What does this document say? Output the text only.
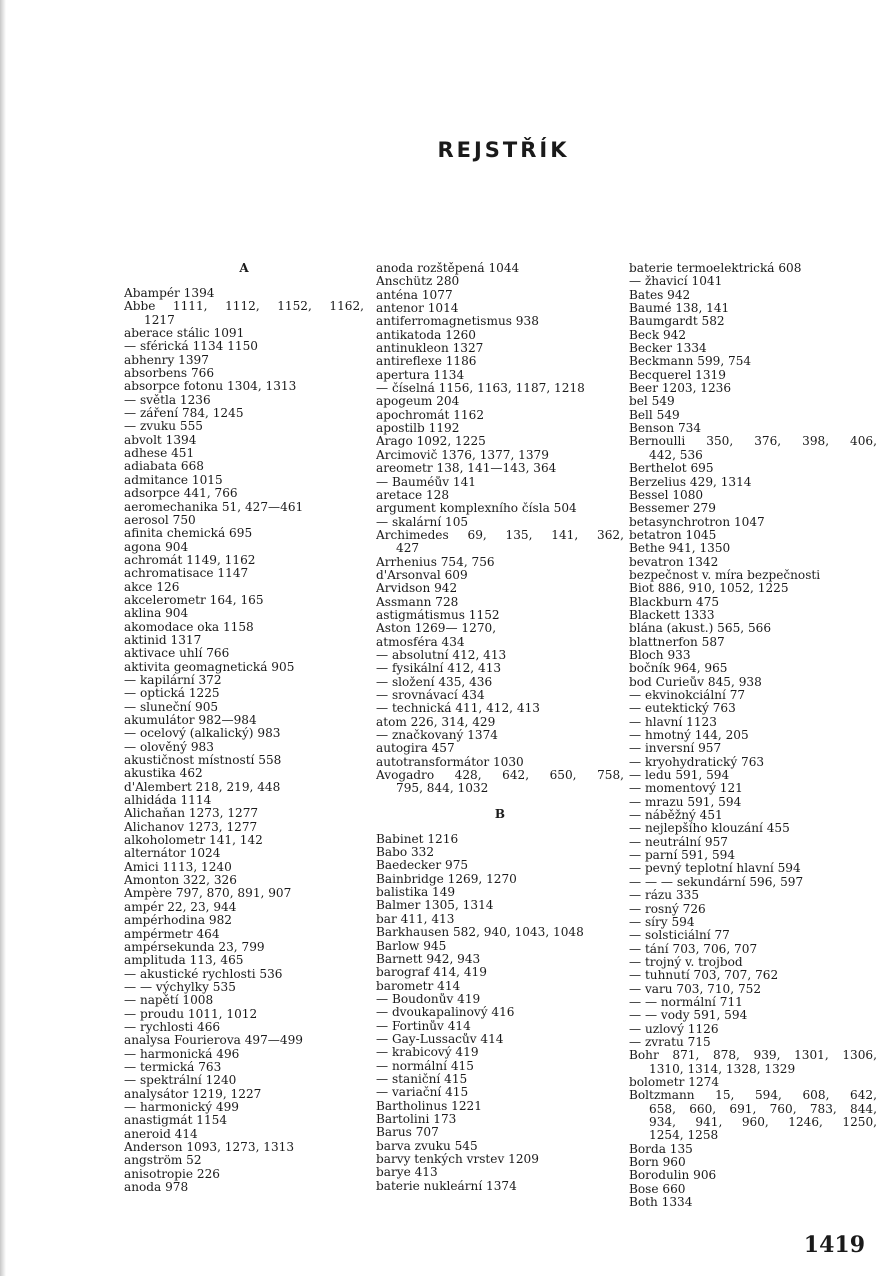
REJSTŘÍK
A
Abampér 1394
Abbe 1111, 1112, 1152, 1162,
1217
aberace stálic 1091
— sférická 1134 1150
abhenry 1397
absorbens 766
absorpce fotonu 1304, 1313
— světla 1236
— záření 784, 1245
— zvuku 555
abvolt 1394
adhese 451
adiabata 668
admitance 1015
adsorpce 441, 766
aeromechanika 51, 427—461
aerosol 750
afinita chemická 695
agona 904
achromát 1149, 1162
achromatisace 1147
akce 126
akcelerometr 164, 165
aklina 904
akomodace oka 1158
aktinid 1317
aktivace uhlí 766
aktivita geomagnetická 905
— kapilární 372
— optická 1225
— sluneční 905
akumulátor 982—984
— ocelový (alkalický) 983
— olověný 983
akustičnost místností 558
akustika 462
d'Alembert 218, 219, 448
alhidáda 1114
Alichaňan 1273, 1277
Alichanov 1273, 1277
alkoholometr 141, 142
alternátor 1024
Amici 1113, 1240
Amonton 322, 326
Ampère 797, 870, 891, 907
ampér 22, 23, 944
ampérhodina 982
ampérmetr 464
ampérsekunda 23, 799
amplituda 113, 465
— akustické rychlosti 536
— — výchylky 535
— napětí 1008
— proudu 1011, 1012
— rychlosti 466
analysa Fourierova 497—499
— harmonická 496
— termická 763
— spektrální 1240
analysátor 1219, 1227
— harmonický 499
anastigmát 1154
aneroid 414
Anderson 1093, 1273, 1313
angström 52
anisotropie 226
anoda 978
anoda rozštěpená 1044
Anschütz 280
anténa 1077
antenor 1014
antiferromagnetismus 938
antikatoda 1260
antinukleon 1327
antireflexe 1186
apertura 1134
— číselná 1156, 1163, 1187, 1218
apogeum 204
apochromát 1162
apostilb 1192
Arago 1092, 1225
Arcimovič 1376, 1377, 1379
areometr 138, 141—143, 364
— Bauméův 141
aretace 128
argument komplexního čísla 504
— skalární 105
Archimedes 69, 135, 141, 362,
427
Arrhenius 754, 756
d'Arsonval 609
Arvidson 942
Assmann 728
astigmátismus 1152
Aston 1269— 1270,
atmosféra 434
— absolutní 412, 413
— fysikální 412, 413
— složení 435, 436
— srovnávací 434
— technická 411, 412, 413
atom 226, 314, 429
— značkovaný 1374
autogira 457
autotransformátor 1030
Avogadro 428, 642, 650, 758,
795, 844, 1032
B
Babinet 1216
Babo 332
Baedecker 975
Bainbridge 1269, 1270
balistika 149
Balmer 1305, 1314
bar 411, 413
Barkhausen 582, 940, 1043, 1048
Barlow 945
Barnett 942, 943
barograf 414, 419
barometr 414
— Boudonův 419
— dvoukapalinový 416
— Fortinův 414
— Gay-Lussacův 414
— krabicový 419
— normální 415
— staniční 415
— variační 415
Bartholinus 1221
Bartolini 173
Barus 707
barva zvuku 545
barvy tenkých vrstev 1209
barye 413
baterie nukleární 1374
baterie termoelektrická 608
— žhavicí 1041
Bates 942
Baumé 138, 141
Baumgardt 582
Beck 942
Becker 1334
Beckmann 599, 754
Becquerel 1319
Beer 1203, 1236
bel 549
Bell 549
Benson 734
Bernoulli 350, 376, 398, 406,
442, 536
Berthelot 695
Berzelius 429, 1314
Bessel 1080
Bessemer 279
betasynchrotron 1047
betatron 1045
Bethe 941, 1350
bevatron 1342
bezpečnost v. míra bezpečnosti
Biot 886, 910, 1052, 1225
Blackburn 475
Blackett 1333
blána (akust.) 565, 566
blattnerfon 587
Bloch 933
bočník 964, 965
bod Curieův 845, 938
— ekvinokciální 77
— eutektický 763
— hlavní 1123
— hmotný 144, 205
— inversní 957
— kryohydratický 763
— ledu 591, 594
— momentový 121
— mrazu 591, 594
— náběžný 451
— nejlepšího klouzání 455
— neutrální 957
— parní 591, 594
— pevný teplotní hlavní 594
— — — sekundární 596, 597
— rázu 335
— rosný 726
— síry 594
— solsticiální 77
— tání 703, 706, 707
— trojný v. trojbod
— tuhnutí 703, 707, 762
— varu 703, 710, 752
— — normální 711
— — vody 591, 594
— uzlový 1126
— zvratu 715
Bohr 871, 878, 939, 1301, 1306,
1310, 1314, 1328, 1329
bolometr 1274
Boltzmann 15, 594, 608, 642,
658, 660, 691, 760, 783, 844,
934, 941, 960, 1246, 1250,
1254, 1258
Borda 135
Born 960
Borodulin 906
Bose 660
Both 1334
1419
